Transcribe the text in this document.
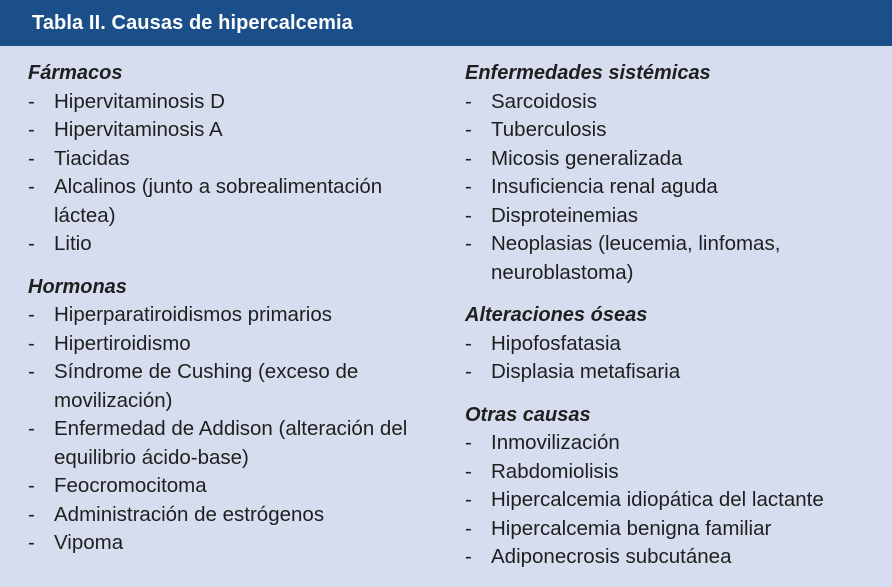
Tabla II. Causas de hipercalcemia
Fármacos
- Hipervitaminosis D
- Hipervitaminosis A
- Tiacidas
- Alcalinos (junto a sobrealimentación láctea)
- Litio
Hormonas
- Hiperparatiroidismos primarios
- Hipertiroidismo
- Síndrome de Cushing (exceso de movilización)
- Enfermedad de Addison (alteración del equilibrio ácido-base)
- Feocromocitoma
- Administración de estrógenos
- Vipoma
Enfermedades sistémicas
- Sarcoidosis
- Tuberculosis
- Micosis generalizada
- Insuficiencia renal aguda
- Disproteinemias
- Neoplasias (leucemia, linfomas, neuroblastoma)
Alteraciones óseas
- Hipofosfatasia
- Displasia metafisaria
Otras causas
- Inmovilización
- Rabdomiolisis
- Hipercalcemia idiopática del lactante
- Hipercalcemia benigna familiar
- Adiponecrosis subcutánea
